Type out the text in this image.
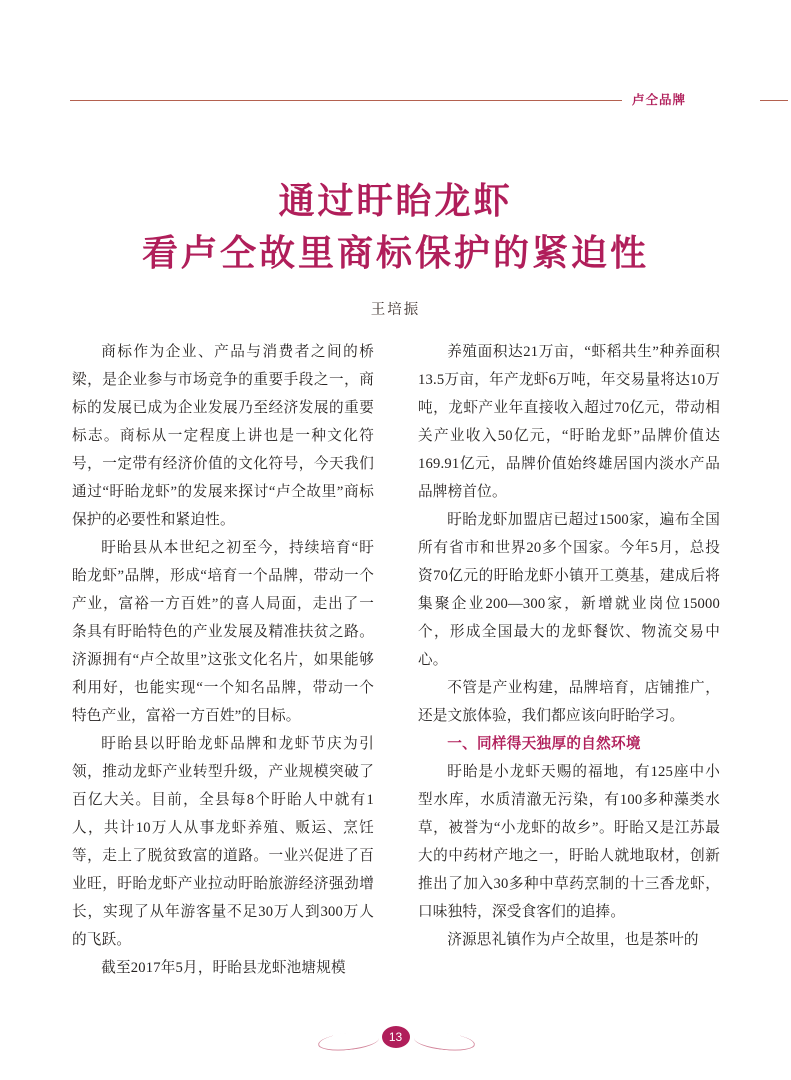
卢仝品牌
通过盱眙龙虾
看卢仝故里商标保护的紧迫性
王培振

商标作为企业、产品与消费者之间的桥梁，是企业参与市场竞争的重要手段之一，商标的发展已成为企业发展乃至经济发展的重要标志。商标从一定程度上讲也是一种文化符号，一定带有经济价值的文化符号，今天我们通过“盱眙龙虾”的发展来探讨“卢仝故里”商标保护的必要性和紧迫性。

盱眙县从本世纪之初至今，持续培育“盱眙龙虾”品牌，形成“培育一个品牌，带动一个产业，富裕一方百姓”的喜人局面，走出了一条具有盱眙特色的产业发展及精准扶贫之路。济源拥有“卢仝故里”这张文化名片，如果能够利用好，也能实现“一个知名品牌，带动一个特色产业，富裕一方百姓”的目标。

盱眙县以盱眙龙虾品牌和龙虾节庆为引领，推动龙虾产业转型升级，产业规模突破了百亿大关。目前，全县每8个盱眙人中就有1人，共计10万人从事龙虾养殖、贩运、烹饪等，走上了脱贫致富的道路。一业兴促进了百业旺，盱眙龙虾产业拉动盱眙旅游经济强劲增长，实现了从年游客量不足30万人到300万人的飞跃。

截至2017年5月，盱眙县龙虾池塘规模

养殖面积达21万亩，“虾稻共生”种养面积13.5万亩，年产龙虾6万吨，年交易量将达10万吨，龙虾产业年直接收入超过70亿元，带动相关产业收入50亿元，“盱眙龙虾”品牌价值达169.91亿元，品牌价值始终雄居国内淡水产品品牌榜首位。

盱眙龙虾加盟店已超过1500家，遍布全国所有省市和世界20多个国家。今年5月，总投资70亿元的盱眙龙虾小镇开工奠基，建成后将集聚企业200—300家，新增就业岗位15000个，形成全国最大的龙虾餐饮、物流交易中心。

不管是产业构建，品牌培育，店铺推广，还是文旅体验，我们都应该向盱眙学习。

一、同样得天独厚的自然环境

盱眙是小龙虾天赐的福地，有125座中小型水库，水质清澈无污染，有100多种藻类水草，被誉为“小龙虾的故乡”。盱眙又是江苏最大的中药材产地之一，盱眙人就地取材，创新推出了加入30多种中草药烹制的十三香龙虾，口味独特，深受食客们的追捧。

济源思礼镇作为卢仝故里，也是茶叶的

13
